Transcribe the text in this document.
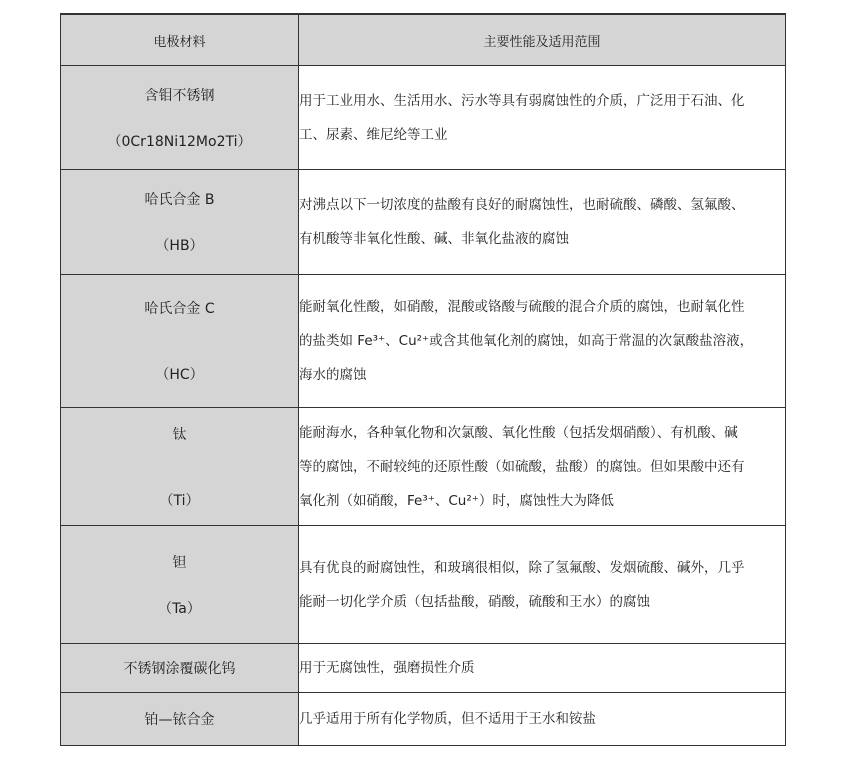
电极材料	主要性能及适用范围

含钼不锈钢
（0Cr18Ni12Mo2Ti）	用于工业用水、生活用水、污水等具有弱腐蚀性的介质，广泛用于石油、化
工、尿素、维尼纶等工业

哈氏合金 B
（HB）	对沸点以下一切浓度的盐酸有良好的耐腐蚀性，也耐硫酸、磷酸、氢氟酸、
有机酸等非氧化性酸、碱、非氧化盐液的腐蚀

哈氏合金 C
（HC）	能耐氧化性酸，如硝酸，混酸或铬酸与硫酸的混合介质的腐蚀，也耐氧化性
的盐类如 Fe³⁺、Cu²⁺或含其他氧化剂的腐蚀，如高于常温的次氯酸盐溶液，
海水的腐蚀

钛
（Ti）	能耐海水，各种氧化物和次氯酸、氧化性酸（包括发烟硝酸）、有机酸、碱
等的腐蚀，不耐较纯的还原性酸（如硫酸，盐酸）的腐蚀。但如果酸中还有
氧化剂（如硝酸，Fe³⁺、Cu²⁺）时，腐蚀性大为降低

钽
（Ta）	具有优良的耐腐蚀性，和玻璃很相似，除了氢氟酸、发烟硫酸、碱外，几乎
能耐一切化学介质（包括盐酸，硝酸，硫酸和王水）的腐蚀

不锈钢涂覆碳化钨	用于无腐蚀性，强磨损性介质

铂—铱合金	几乎适用于所有化学物质，但不适用于王水和铵盐
